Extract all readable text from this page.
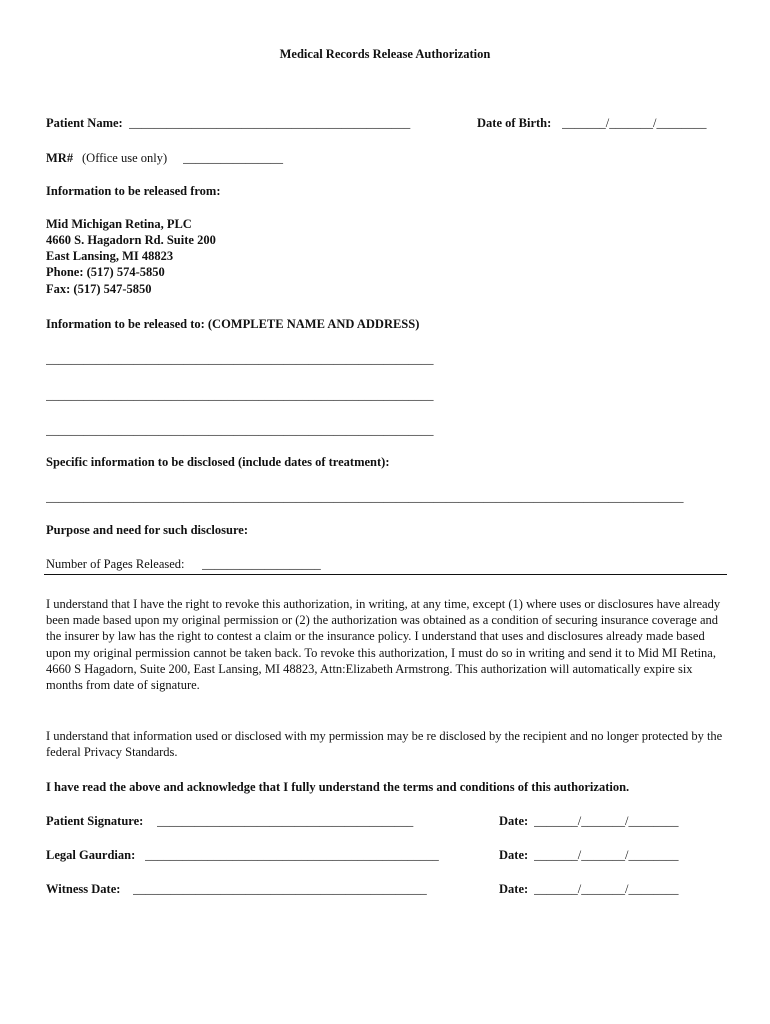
Medical Records Release Authorization
Patient Name: _____________________________________________	Date of Birth: _______/_______/________
MR# (Office use only) ________________
Information to be released from:
Mid Michigan Retina, PLC
4660 S. Hagadorn Rd. Suite 200
East Lansing, MI 48823
Phone: (517) 574-5850
Fax: (517) 547-5850
Information to be released to: (COMPLETE NAME AND ADDRESS)
______________________________________________________________
______________________________________________________________
______________________________________________________________
Specific information to be disclosed (include dates of treatment):
______________________________________________________________________________________________________
Purpose and need for such disclosure:
Number of Pages Released: ___________________
I understand that I have the right to revoke this authorization, in writing, at any time, except (1) where uses or disclosures have already been made based upon my original permission or (2) the authorization was obtained as a condition of securing insurance coverage and the insurer by law has the right to contest a claim or the insurance policy. I understand that uses and disclosures already made based upon my original permission cannot be taken back. To revoke this authorization, I must do so in writing and send it to Mid MI Retina, 4660 S Hagadorn, Suite 200, East Lansing, MI 48823, Attn:Elizabeth Armstrong. This authorization will automatically expire six months from date of signature.
I understand that information used or disclosed with my permission may be re disclosed by the recipient and no longer protected by the federal Privacy Standards.
I have read the above and acknowledge that I fully understand the terms and conditions of this authorization.
Patient Signature: _________________________________________	Date: _______/_______/________
Legal Gaurdian: _______________________________________________	Date: _______/_______/________
Witness Date: _______________________________________________	Date: _______/_______/________
